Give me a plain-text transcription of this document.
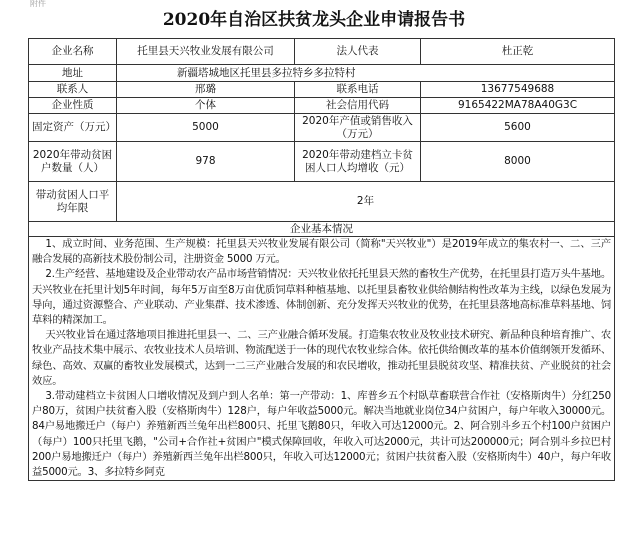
附件
2020年自治区扶贫龙头企业申请报告书
企业名称	托里县天兴牧业发展有限公司	法人代表	杜正乾
地址	新疆塔城地区托里县多拉特乡多拉特村		
联系人	邢璐	联系电话	13677549688
企业性质	个体	社会信用代码	9165422MA78A40G3C
固定资产（万元）	5000	2020年产值或销售收入（万元）	5600
2020年带动贫困户数量（人）	978	2020年带动建档立卡贫困人口人均增收（元）	8000
带动贫困人口平均年限	2年		
企业基本情况			

1、成立时间、业务范围、生产规模：托里县天兴牧业发展有限公司（简称"天兴牧业"）是2019年成立的集农村一、二、三产融合发展的高新技术股份制公司，注册资金 5000 万元。
2.生产经营、基地建设及企业带动农产品市场营销情况：天兴牧业依托托里县天然的畜牧生产优势，在托里县打造万头牛基地。天兴牧业在托里计划5年时间，每年5万亩至8万亩优质饲草料种植基地、以托里县畜牧业供给侧结构性改革为主线，以绿色发展为导向，通过资源整合、产业联动、产业集群、技术渗透、体制创新、充分发挥天兴牧业的优势，在托里县落地高标准草料基地、饲草料的精深加工。
天兴牧业旨在通过落地项目推进托里县一、二、三产业融合循环发展。打造集农牧业及牧业技术研究、新品种良种培育推广、农牧业产品技术集中展示、农牧业技术人员培训、物流配送于一体的现代农牧业综合体。依托供给侧改革的基本价值纲领开发循环、绿色、高效、双赢的畜牧业发展模式，达到一二三产业融合发展的和农民增收，推动托里县脱贫攻坚、精准扶贫、产业脱贫的社会效应。
3.带动建档立卡贫困人口增收情况及到户到人名单：第一产带动：1、库普乡五个村臥草畜联营合作社（安格斯肉牛）分红250户80万，贫困户扶贫畜入股（安格斯肉牛）128户，每户年收益5000元。解决当地就业岗位34户贫困户，每户年收入30000元。84户易地搬迁户（每户）养殖新西兰兔年出栏800只、托里飞鹅80只，年收入可达12000元。2、阿合别斗乡五个村100户贫困户（每户）100只托里飞鹅，"公司+合作社+贫困户"模式保障回收，年收入可达2000元，共计可达200000元；阿合别斗乡拉巴村200户易地搬迁户（每户）养殖新西兰兔年出栏800只，年收入可达12000元；贫困户扶贫畜入股（安格斯肉牛）40户，每户年收益5000元。3、多拉特乡阿克			
